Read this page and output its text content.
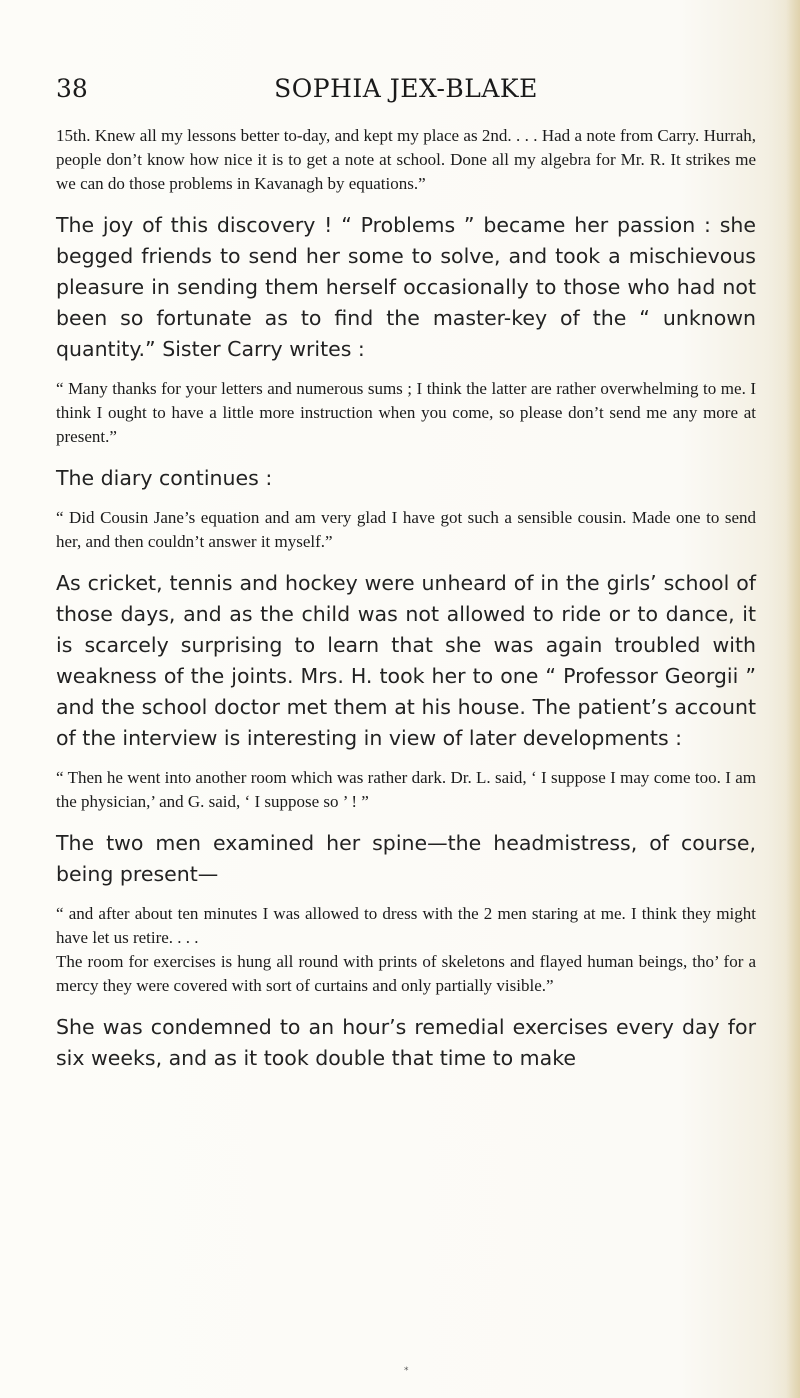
38	SOPHIA JEX-BLAKE

15th. Knew all my lessons better to-day, and kept my place as 2nd. . . . Had a note from Carry. Hurrah, people don’t know how nice it is to get a note at school. Done all my algebra for Mr. R. It strikes me we can do those problems in Kavanagh by equations.”

The joy of this discovery ! “ Problems ” became her passion : she begged friends to send her some to solve, and took a mischievous pleasure in sending them herself occasionally to those who had not been so fortunate as to find the master-key of the “ unknown quantity.” Sister Carry writes :

“ Many thanks for your letters and numerous sums ; I think the latter are rather overwhelming to me. I think I ought to have a little more instruction when you come, so please don’t send me any more at present.”

The diary continues :

“ Did Cousin Jane’s equation and am very glad I have got such a sensible cousin. Made one to send her, and then couldn’t answer it myself.”

As cricket, tennis and hockey were unheard of in the girls’ school of those days, and as the child was not allowed to ride or to dance, it is scarcely surprising to learn that she was again troubled with weakness of the joints. Mrs. H. took her to one “ Professor Georgii ” and the school doctor met them at his house. The patient’s account of the interview is interesting in view of later developments :

“ Then he went into another room which was rather dark. Dr. L. said, ‘ I suppose I may come too. I am the physician,’ and G. said, ‘ I suppose so ’ ! ”

The two men examined her spine—the headmistress, of course, being present—

“ and after about ten minutes I was allowed to dress with the 2 men staring at me. I think they might have let us retire. . . .

The room for exercises is hung all round with prints of skeletons and flayed human beings, tho’ for a mercy they were covered with sort of curtains and only partially visible.”

She was condemned to an hour’s remedial exercises every day for six weeks, and as it took double that time to make

*
